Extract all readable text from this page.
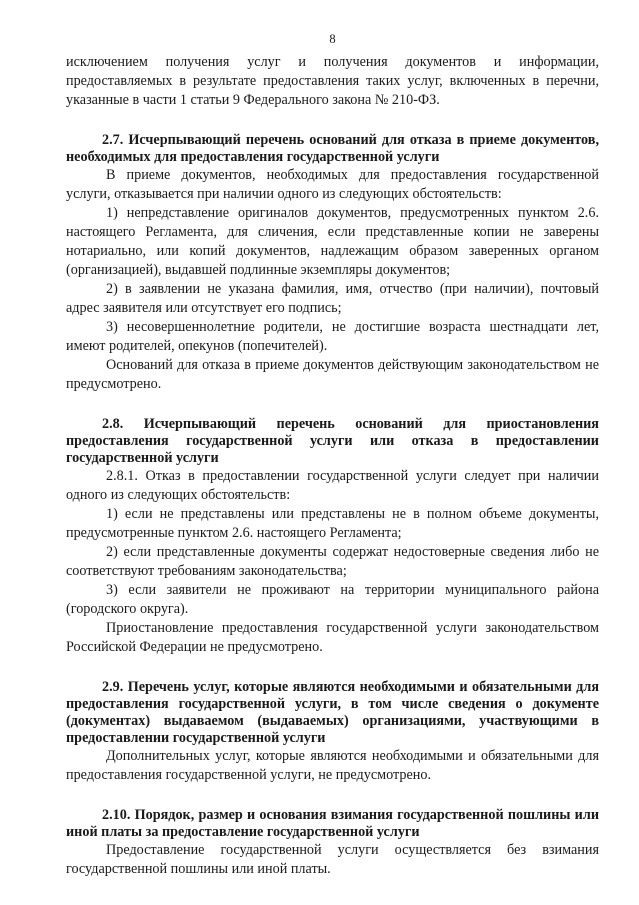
8

исключением получения услуг и получения документов и информации, предоставляемых в результате предоставления таких услуг, включенных в перечни, указанные в части 1 статьи 9 Федерального закона № 210-ФЗ.

2.7. Исчерпывающий перечень оснований для отказа в приеме документов, необходимых для предоставления государственной услуги

В приеме документов, необходимых для предоставления государственной услуги, отказывается при наличии одного из следующих обстоятельств:

1) непредставление оригиналов документов, предусмотренных пунктом 2.6. настоящего Регламента, для сличения, если представленные копии не заверены нотариально, или копий документов, надлежащим образом заверенных органом (организацией), выдавшей подлинные экземпляры документов;

2) в заявлении не указана фамилия, имя, отчество (при наличии), почтовый адрес заявителя или отсутствует его подпись;

3) несовершеннолетние родители, не достигшие возраста шестнадцати лет, имеют родителей, опекунов (попечителей).

Оснований для отказа в приеме документов действующим законодательством не предусмотрено.

2.8. Исчерпывающий перечень оснований для приостановления предоставления государственной услуги или отказа в предоставлении государственной услуги

2.8.1. Отказ в предоставлении государственной услуги следует при наличии одного из следующих обстоятельств:

1) если не представлены или представлены не в полном объеме документы, предусмотренные пунктом 2.6. настоящего Регламента;

2) если представленные документы содержат недостоверные сведения либо не соответствуют требованиям законодательства;

3) если заявители не проживают на территории муниципального района (городского округа).

Приостановление предоставления государственной услуги законодательством Российской Федерации не предусмотрено.

2.9. Перечень услуг, которые являются необходимыми и обязательными для предоставления государственной услуги, в том числе сведения о документе (документах) выдаваемом (выдаваемых) организациями, участвующими в предоставлении государственной услуги

Дополнительных услуг, которые являются необходимыми и обязательными для предоставления государственной услуги, не предусмотрено.

2.10. Порядок, размер и основания взимания государственной пошлины или иной платы за предоставление государственной услуги

Предоставление государственной услуги осуществляется без взимания государственной пошлины или иной платы.
